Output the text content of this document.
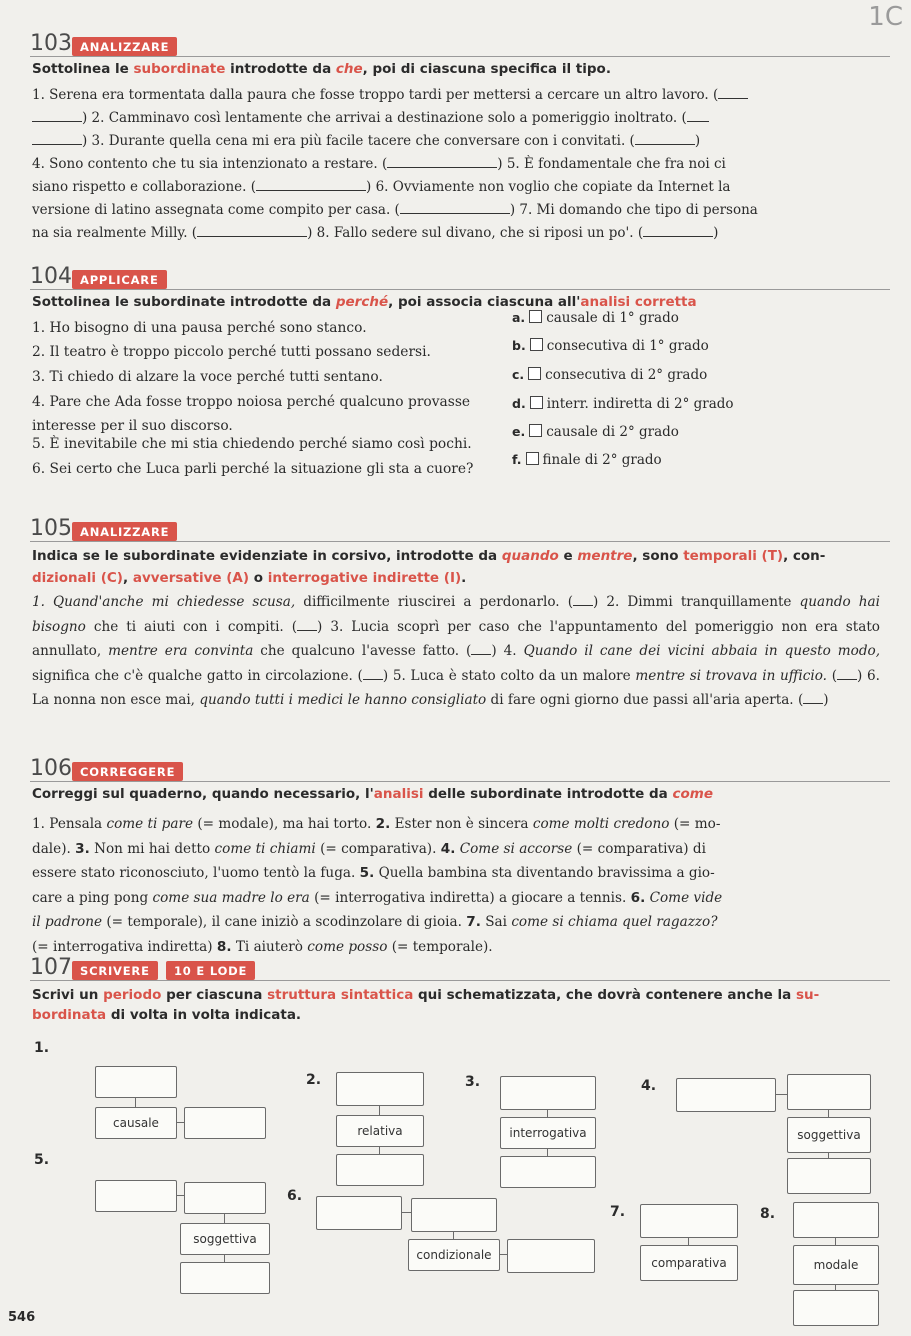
1C
103 ANALIZZARE
Sottolinea le subordinate introdotte da che, poi di ciascuna specifica il tipo.
1. Serena era tormentata dalla paura che fosse troppo tardi per mettersi a cercare un altro lavoro. (
) 2. Camminavo così lentamente che arrivai a destinazione solo a pomeriggio inoltrato. (
) 3. Durante quella cena mi era più facile tacere che conversare con i convitati. (	)
4. Sono contento che tu sia intenzionato a restare. (	) 5. È fondamentale che fra noi ci
siano rispetto e collaborazione. (	) 6. Ovviamente non voglio che copiate da Internet la
versione di latino assegnata come compito per casa. (	) 7. Mi domando che tipo di persona
na sia realmente Milly. (	) 8. Fallo sedere sul divano, che si riposi un po'. (	)
104 APPLICARE
Sottolinea le subordinate introdotte da perché, poi associa ciascuna all'analisi corretta
1. Ho bisogno di una pausa perché sono stanco.
2. Il teatro è troppo piccolo perché tutti possano sedersi.
3. Ti chiedo di alzare la voce perché tutti sentano.
4. Pare che Ada fosse troppo noiosa perché qualcuno provasse
interesse per il suo discorso.
5. È inevitabile che mi stia chiedendo perché siamo così pochi.
6. Sei certo che Luca parli perché la situazione gli sta a cuore?
a. causale di 1° grado
b. consecutiva di 1° grado
c. consecutiva di 2° grado
d. interr. indiretta di 2° grado
e. causale di 2° grado
f. finale di 2° grado
105 ANALIZZARE
Indica se le subordinate evidenziate in corsivo, introdotte da quando e mentre, sono temporali (T), con-
dizionali (C), avversative (A) o interrogative indirette (I).
1. Quand'anche mi chiedesse scusa, difficilmente riuscirei a perdonarlo. ( ) 2. Dimmi tranquillamente quando hai bisogno che ti aiuti con i compiti. ( ) 3. Lucia scoprì per caso che l'appuntamento del pomeriggio non era stato annullato, mentre era convinta che qualcuno l'avesse fatto. ( ) 4. Quando il cane dei vicini abbaia in questo modo, significa che c'è qualche gatto in circolazione. ( ) 5. Luca è stato colto da un malore mentre si trovava in ufficio. ( ) 6. La nonna non esce mai, quando tutti i medici le hanno consigliato di fare ogni giorno due passi all'aria aperta. ( )
106 CORREGGERE
Correggi sul quaderno, quando necessario, l'analisi delle subordinate introdotte da come
1. Pensala come ti pare (= modale), ma hai torto. 2. Ester non è sincera come molti credono (= mo-
dale). 3. Non mi hai detto come ti chiami (= comparativa). 4. Come si accorse (= comparativa) di
essere stato riconosciuto, l'uomo tentò la fuga. 5. Quella bambina sta diventando bravissima a gio-
care a ping pong come sua madre lo era (= interrogativa indiretta) a giocare a tennis. 6. Come vide
il padrone (= temporale), il cane iniziò a scodinzolare di gioia. 7. Sai come si chiama quel ragazzo?
(= interrogativa indiretta) 8. Ti aiuterò come posso (= temporale).
107 SCRIVERE	10 E LODE
Scrivi un periodo per ciascuna struttura sintattica qui schematizzata, che dovrà contenere anche la su-
bordinata di volta in volta indicata.
1.
causale
2.
relativa
3.
interrogativa
4.
soggettiva
5.
soggettiva
6.
condizionale
7.
comparativa
8.
modale
546
